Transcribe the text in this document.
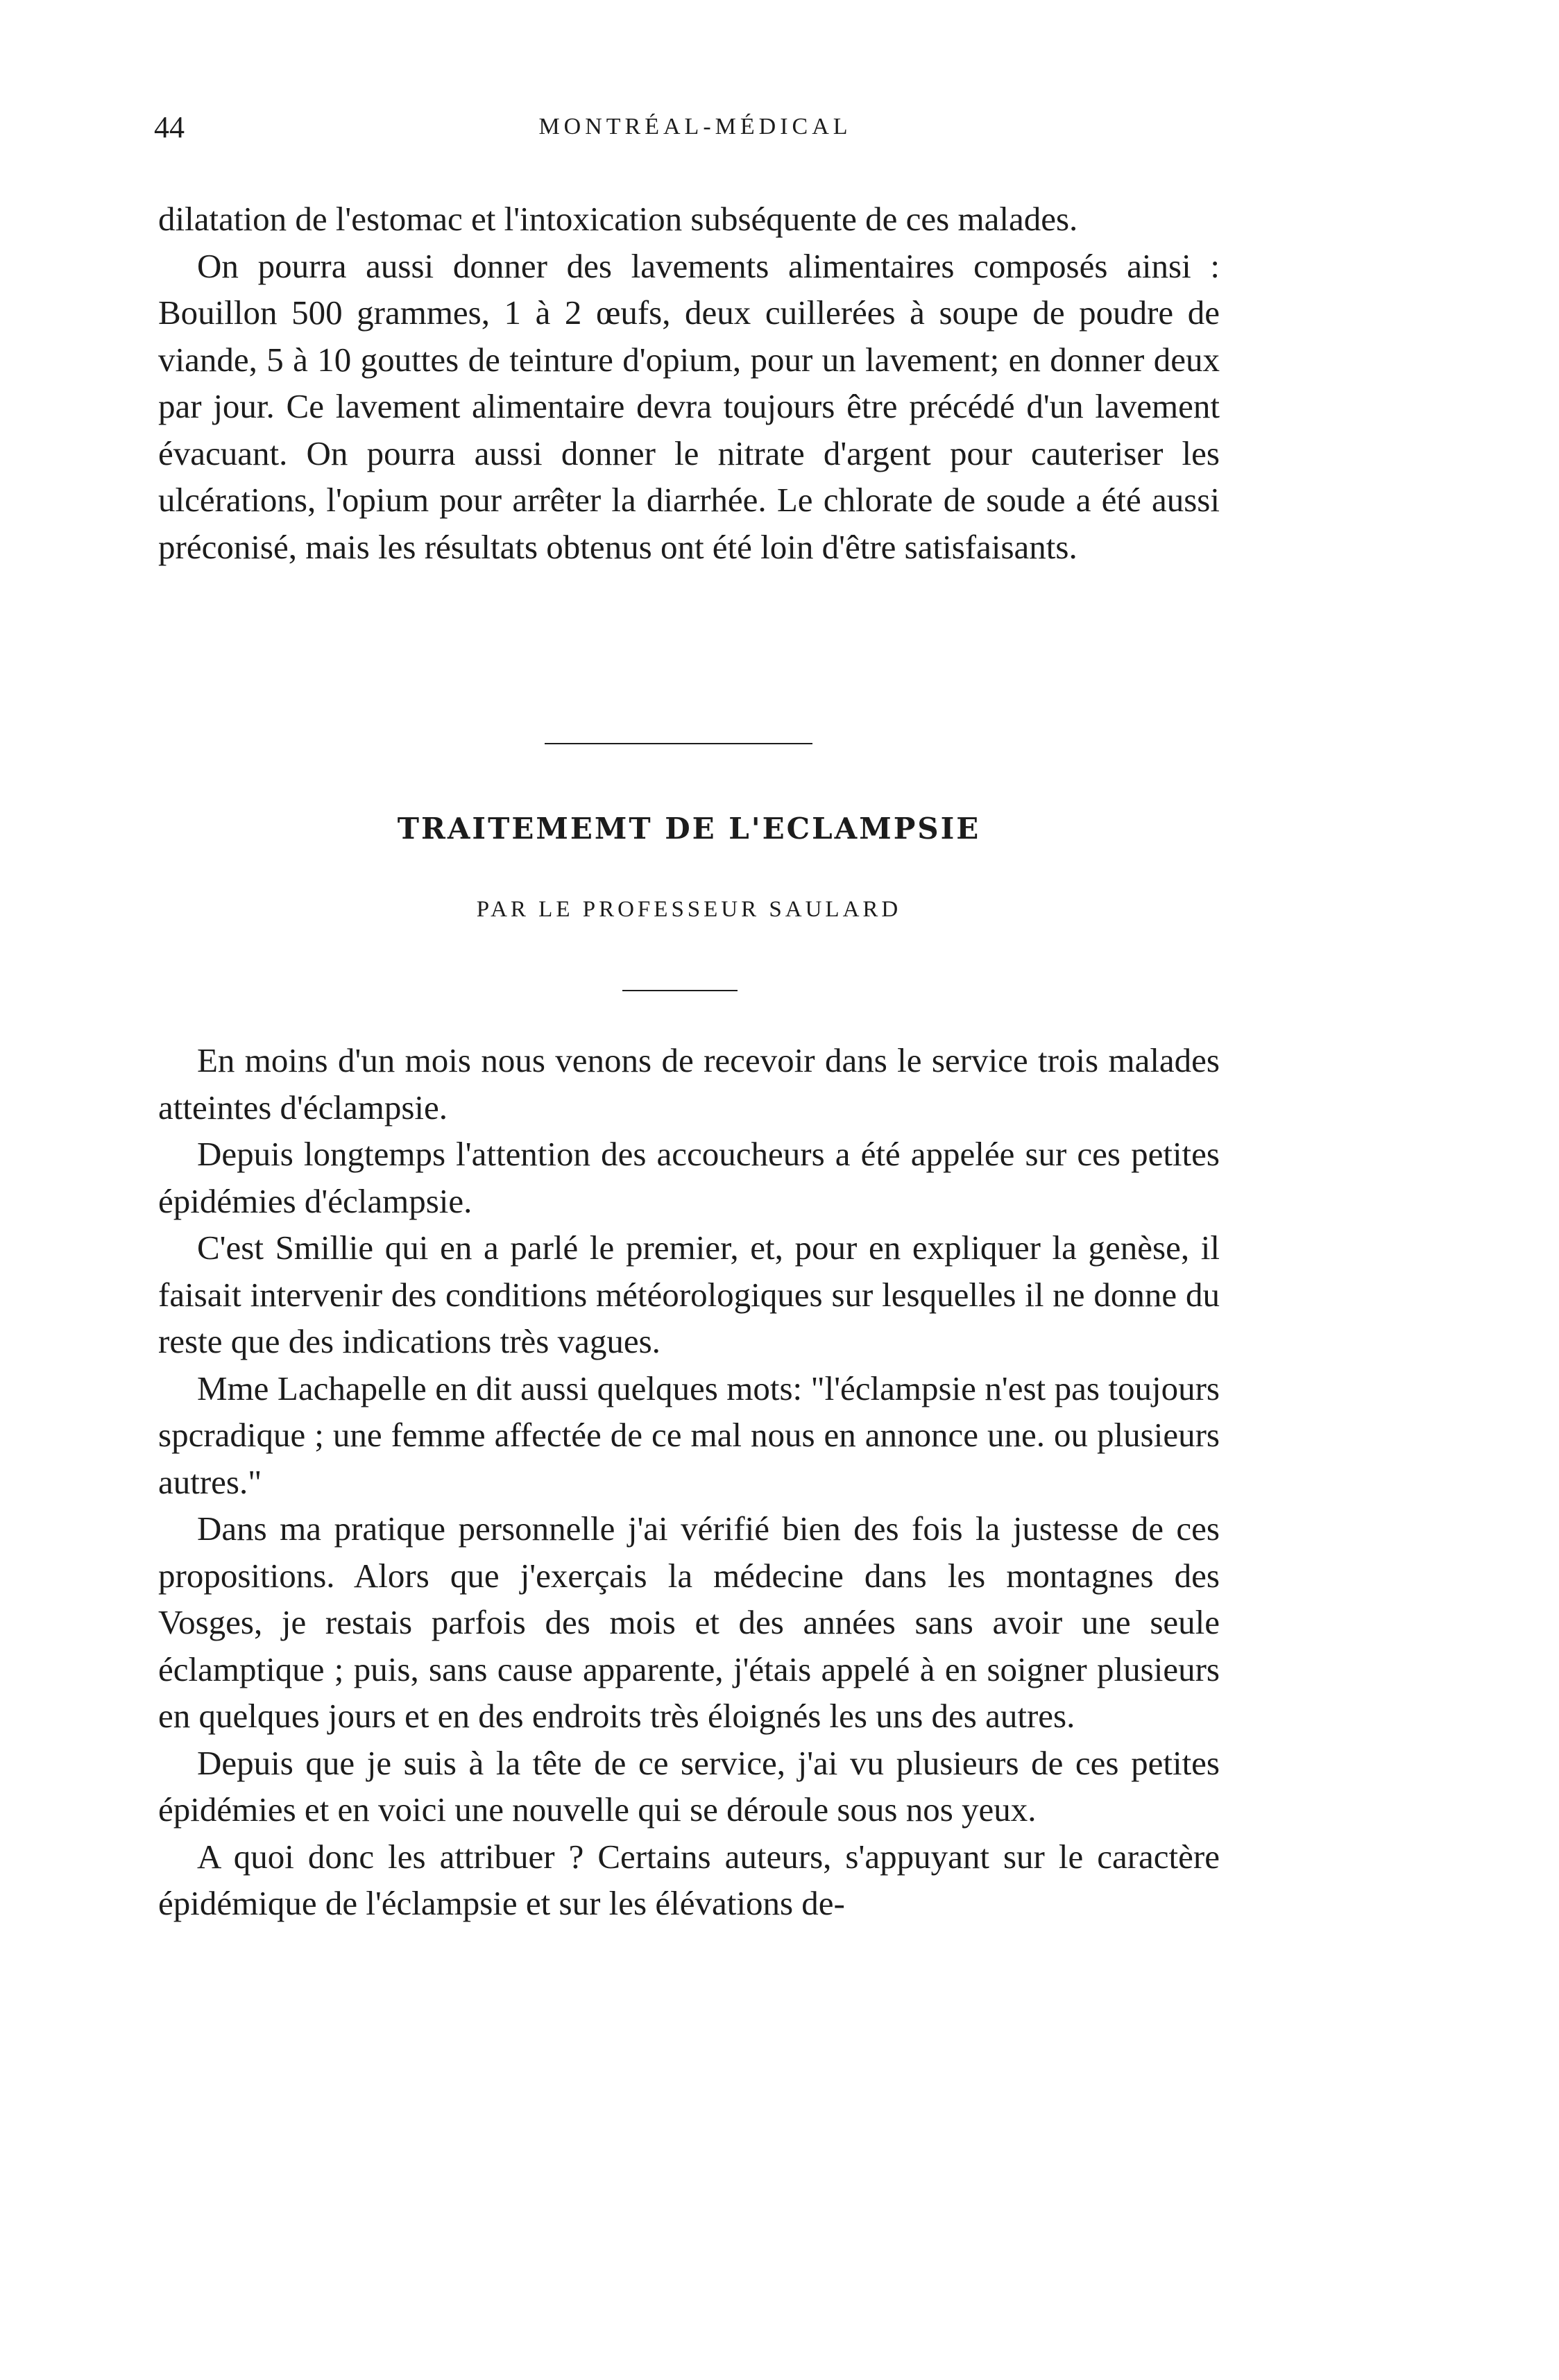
44	MONTRÉAL-MÉDICAL

dilatation de l'estomac et l'intoxication subséquente de ces malades.

On pourra aussi donner des lavements alimentaires composés ainsi : Bouillon 500 grammes, 1 à 2 œufs, deux cuillerées à soupe de poudre de viande, 5 à 10 gouttes de teinture d'opium, pour un lavement; en donner deux par jour. Ce lavement alimentaire devra toujours être précédé d'un lavement évacuant. On pourra aussi donner le nitrate d'argent pour cauteriser les ulcérations, l'opium pour arrêter la diarrhée. Le chlorate de soude a été aussi préconisé, mais les résultats obtenus ont été loin d'être satisfaisants.

TRAITEMEMT DE L'ECLAMPSIE
PAR LE PROFESSEUR SAULARD

En moins d'un mois nous venons de recevoir dans le service trois malades atteintes d'éclampsie.

Depuis longtemps l'attention des accoucheurs a été appelée sur ces petites épidémies d'éclampsie.

C'est Smillie qui en a parlé le premier, et, pour en expliquer la genèse, il faisait intervenir des conditions météorologiques sur lesquelles il ne donne du reste que des indications très vagues.

Mme Lachapelle en dit aussi quelques mots: "l'éclampsie n'est pas toujours spcradique ; une femme affectée de ce mal nous en annonce une. ou plusieurs autres."

Dans ma pratique personnelle j'ai vérifié bien des fois la justesse de ces propositions. Alors que j'exerçais la médecine dans les montagnes des Vosges, je restais parfois des mois et des années sans avoir une seule éclamptique ; puis, sans cause apparente, j'étais appelé à en soigner plusieurs en quelques jours et en des endroits très éloignés les uns des autres.

Depuis que je suis à la tête de ce service, j'ai vu plusieurs de ces petites épidémies et en voici une nouvelle qui se déroule sous nos yeux.

A quoi donc les attribuer ? Certains auteurs, s'appuyant sur le caractère épidémique de l'éclampsie et sur les élévations de-
